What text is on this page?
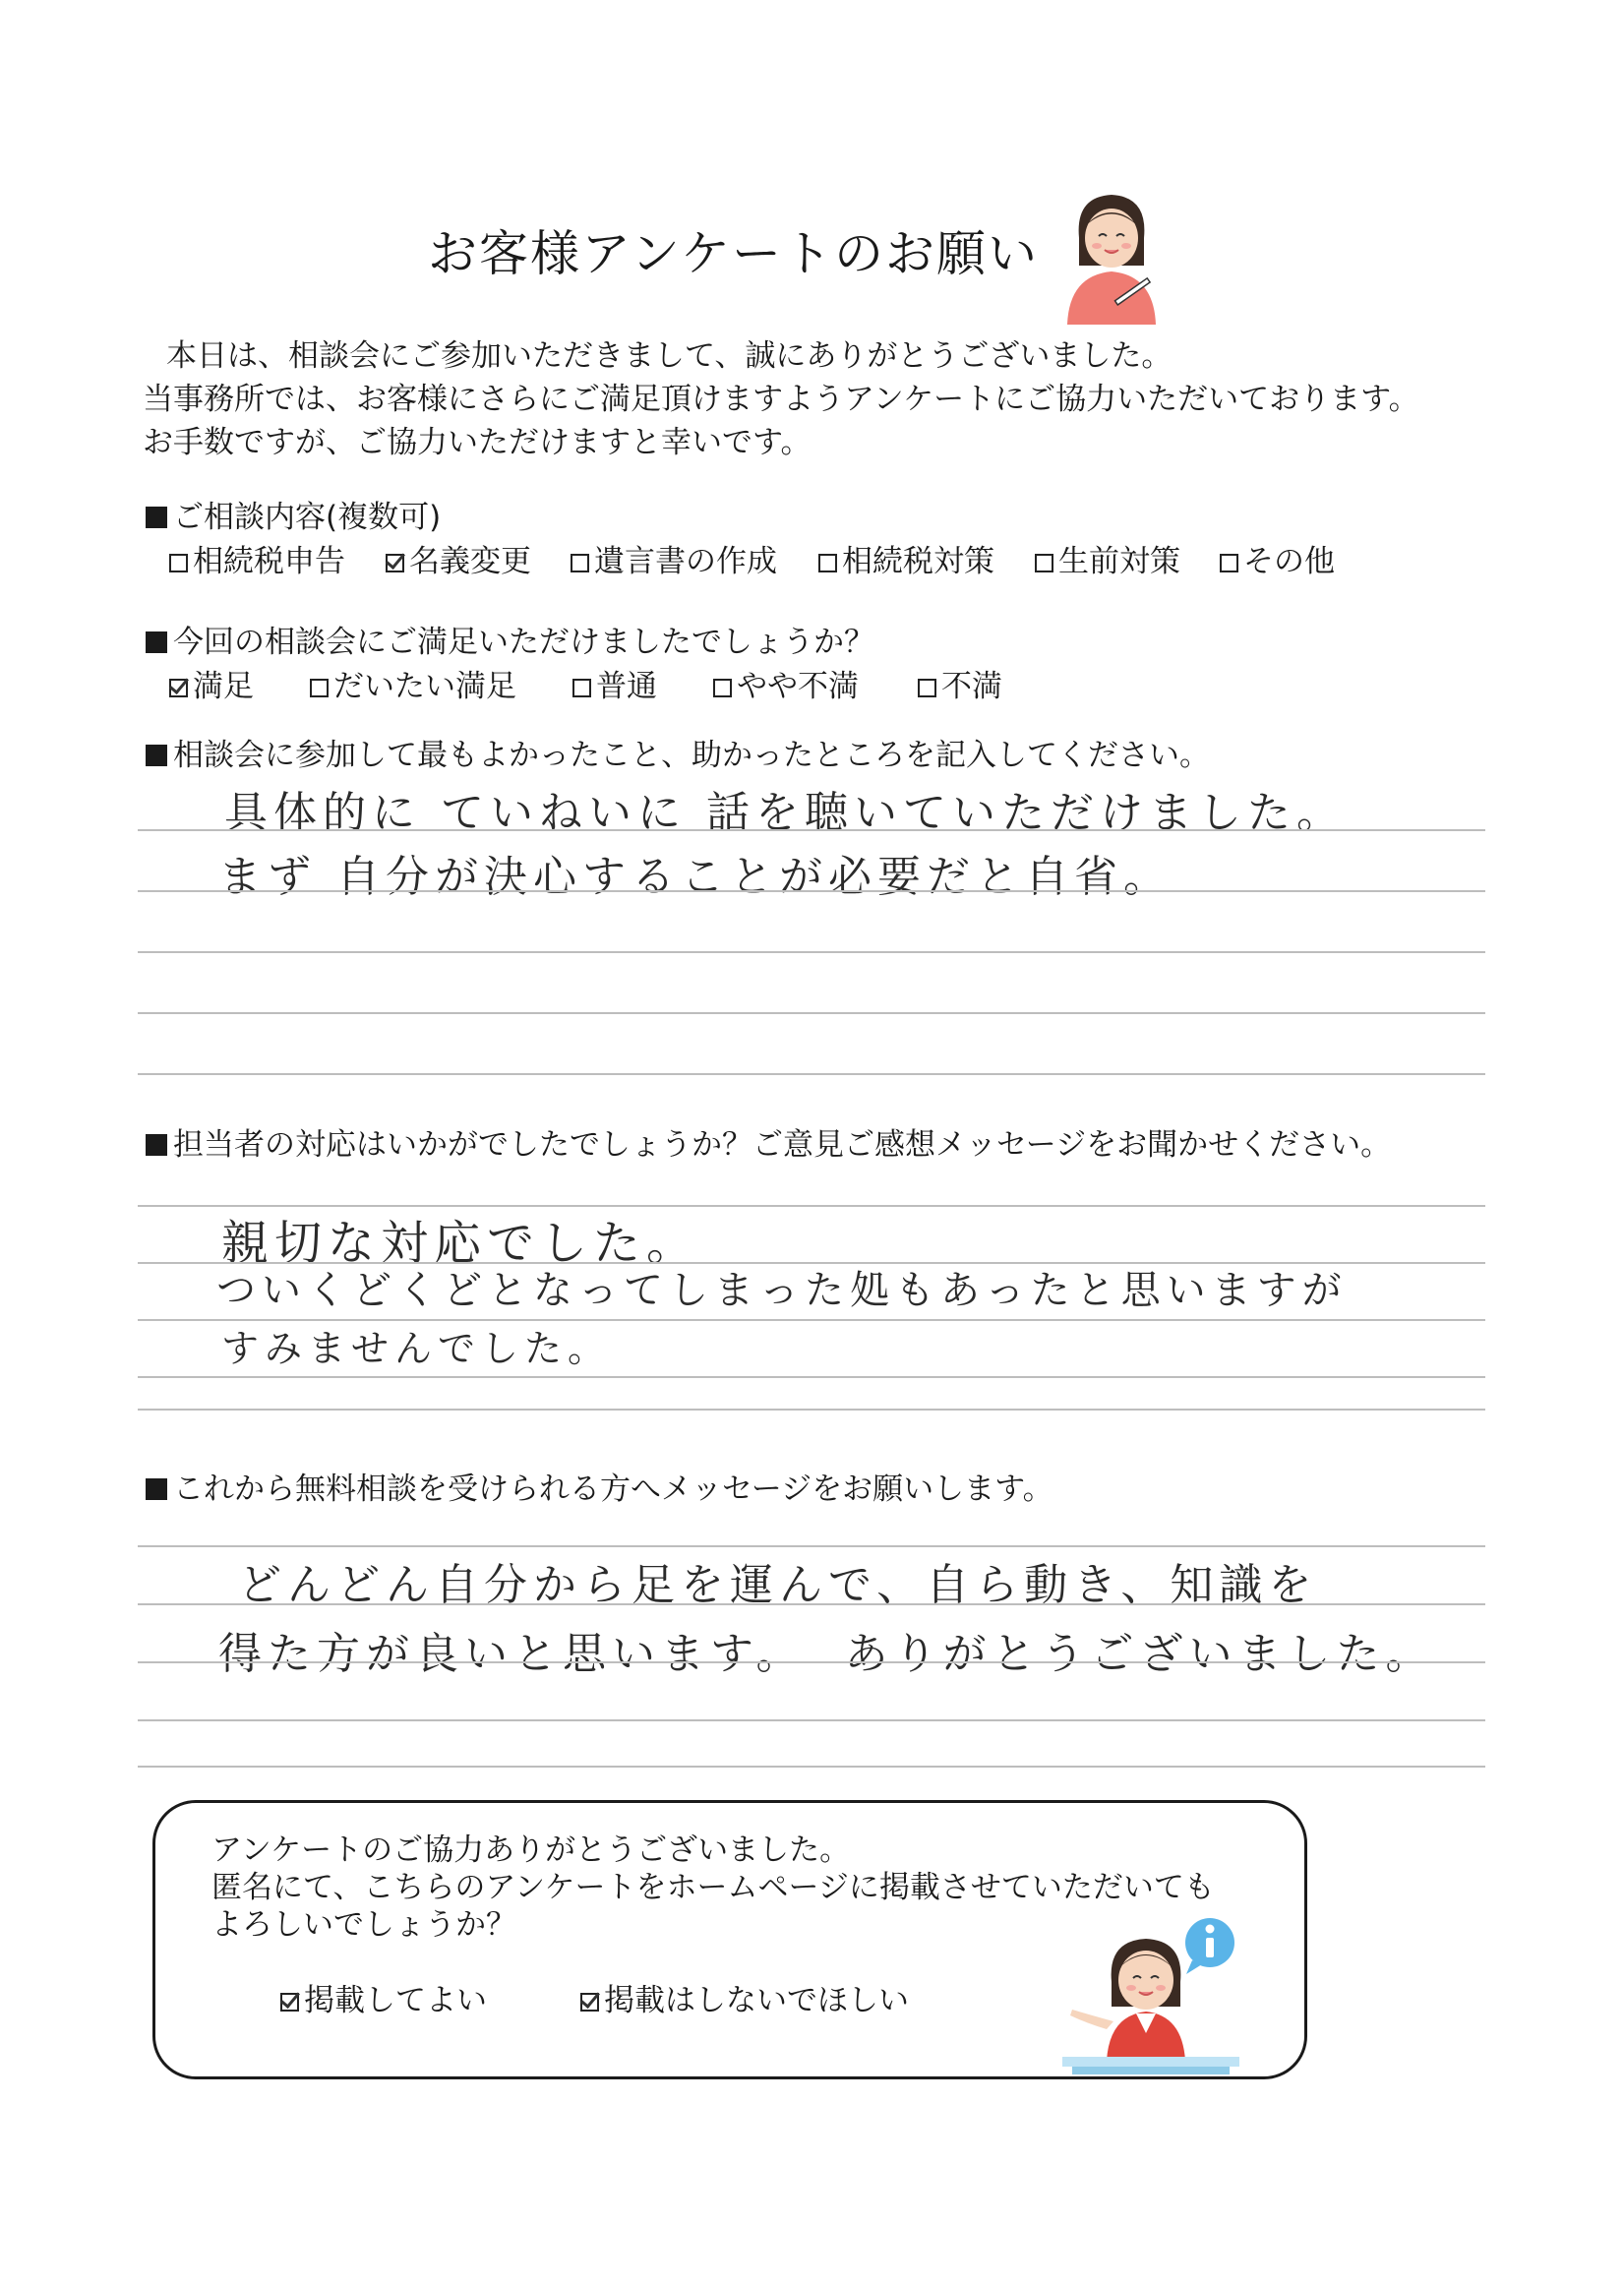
お客様アンケートのお願い
本日は、相談会にご参加いただきまして、誠にありがとうございました。
当事務所では、お客様にさらにご満足頂けますようアンケートにご協力いただいております。
お手数ですが、ご協力いただけますと幸いです。
ご相談内容(複数可)
相続税申告	名義変更	遺言書の作成	相続税対策	生前対策	その他
今回の相談会にご満足いただけましたでしょうか？
満足	だいたい満足	普通	やや不満	不満
相談会に参加して最もよかったこと、助かったところを記入してください。
具体的に ていねいに 話を聴いていただけました。
まず 自分が決心することが必要だと自省。
担当者の対応はいかがでしたでしょうか？ご意見ご感想メッセージをお聞かせください。
親切な対応でした。
ついくどくどとなってしまった処もあったと思いますが
すみませんでした。
これから無料相談を受けられる方へメッセージをお願いします。
どんどん自分から足を運んで、自ら動き、知識を
得た方が良いと思います。  ありがとうございました。
アンケートのご協力ありがとうございました。
匿名にて、こちらのアンケートをホームページに掲載させていただいても
よろしいでしょうか？
掲載してよい	掲載はしないでほしい
